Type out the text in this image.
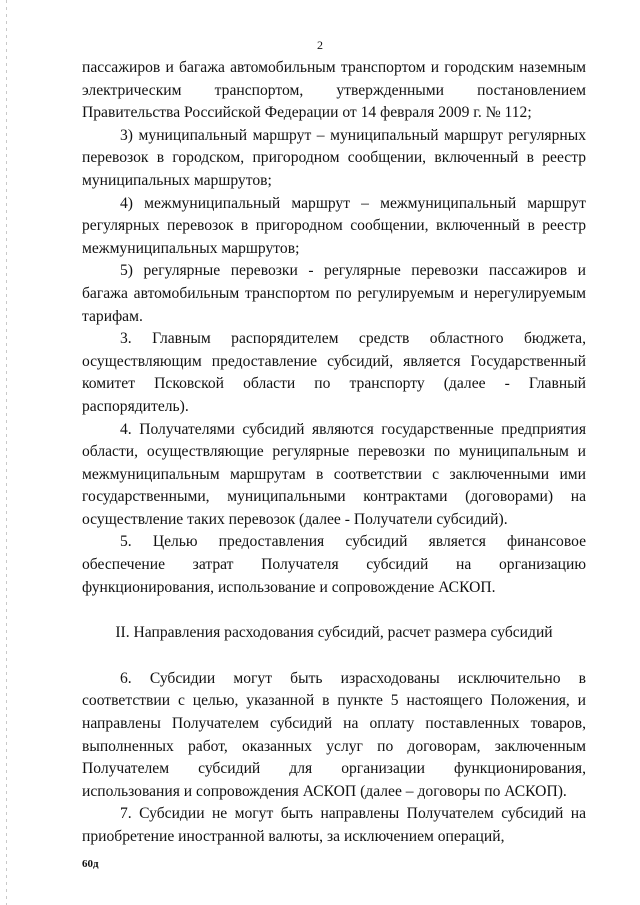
2

пассажиров и багажа автомобильным транспортом и городским наземным электрическим транспортом, утвержденными постановлением Правительства Российской Федерации от 14 февраля 2009 г. № 112;

3) муниципальный маршрут – муниципальный маршрут регулярных перевозок в городском, пригородном сообщении, включенный в реестр муниципальных маршрутов;

4) межмуниципальный маршрут – межмуниципальный маршрут регулярных перевозок в пригородном сообщении, включенный в реестр межмуниципальных маршрутов;

5) регулярные перевозки - регулярные перевозки пассажиров и багажа автомобильным транспортом по регулируемым и нерегулируемым тарифам.

3. Главным распорядителем средств областного бюджета, осуществляющим предоставление субсидий, является Государственный комитет Псковской области по транспорту (далее - Главный распорядитель).

4. Получателями субсидий являются государственные предприятия области, осуществляющие регулярные перевозки по муниципальным и межмуниципальным маршрутам в соответствии с заключенными ими государственными, муниципальными контрактами (договорами) на осуществление таких перевозок (далее - Получатели субсидий).

5. Целью предоставления субсидий является финансовое обеспечение затрат Получателя субсидий на организацию функционирования, использование и сопровождение АСКОП.

II. Направления расходования субсидий, расчет размера субсидий

6. Субсидии могут быть израсходованы исключительно в соответствии с целью, указанной в пункте 5 настоящего Положения, и направлены Получателем субсидий на оплату поставленных товаров, выполненных работ, оказанных услуг по договорам, заключенным Получателем субсидий для организации функционирования, использования и сопровождения АСКОП (далее – договоры по АСКОП).

7. Субсидии не могут быть направлены Получателем субсидий на приобретение иностранной валюты, за исключением операций,

60д
